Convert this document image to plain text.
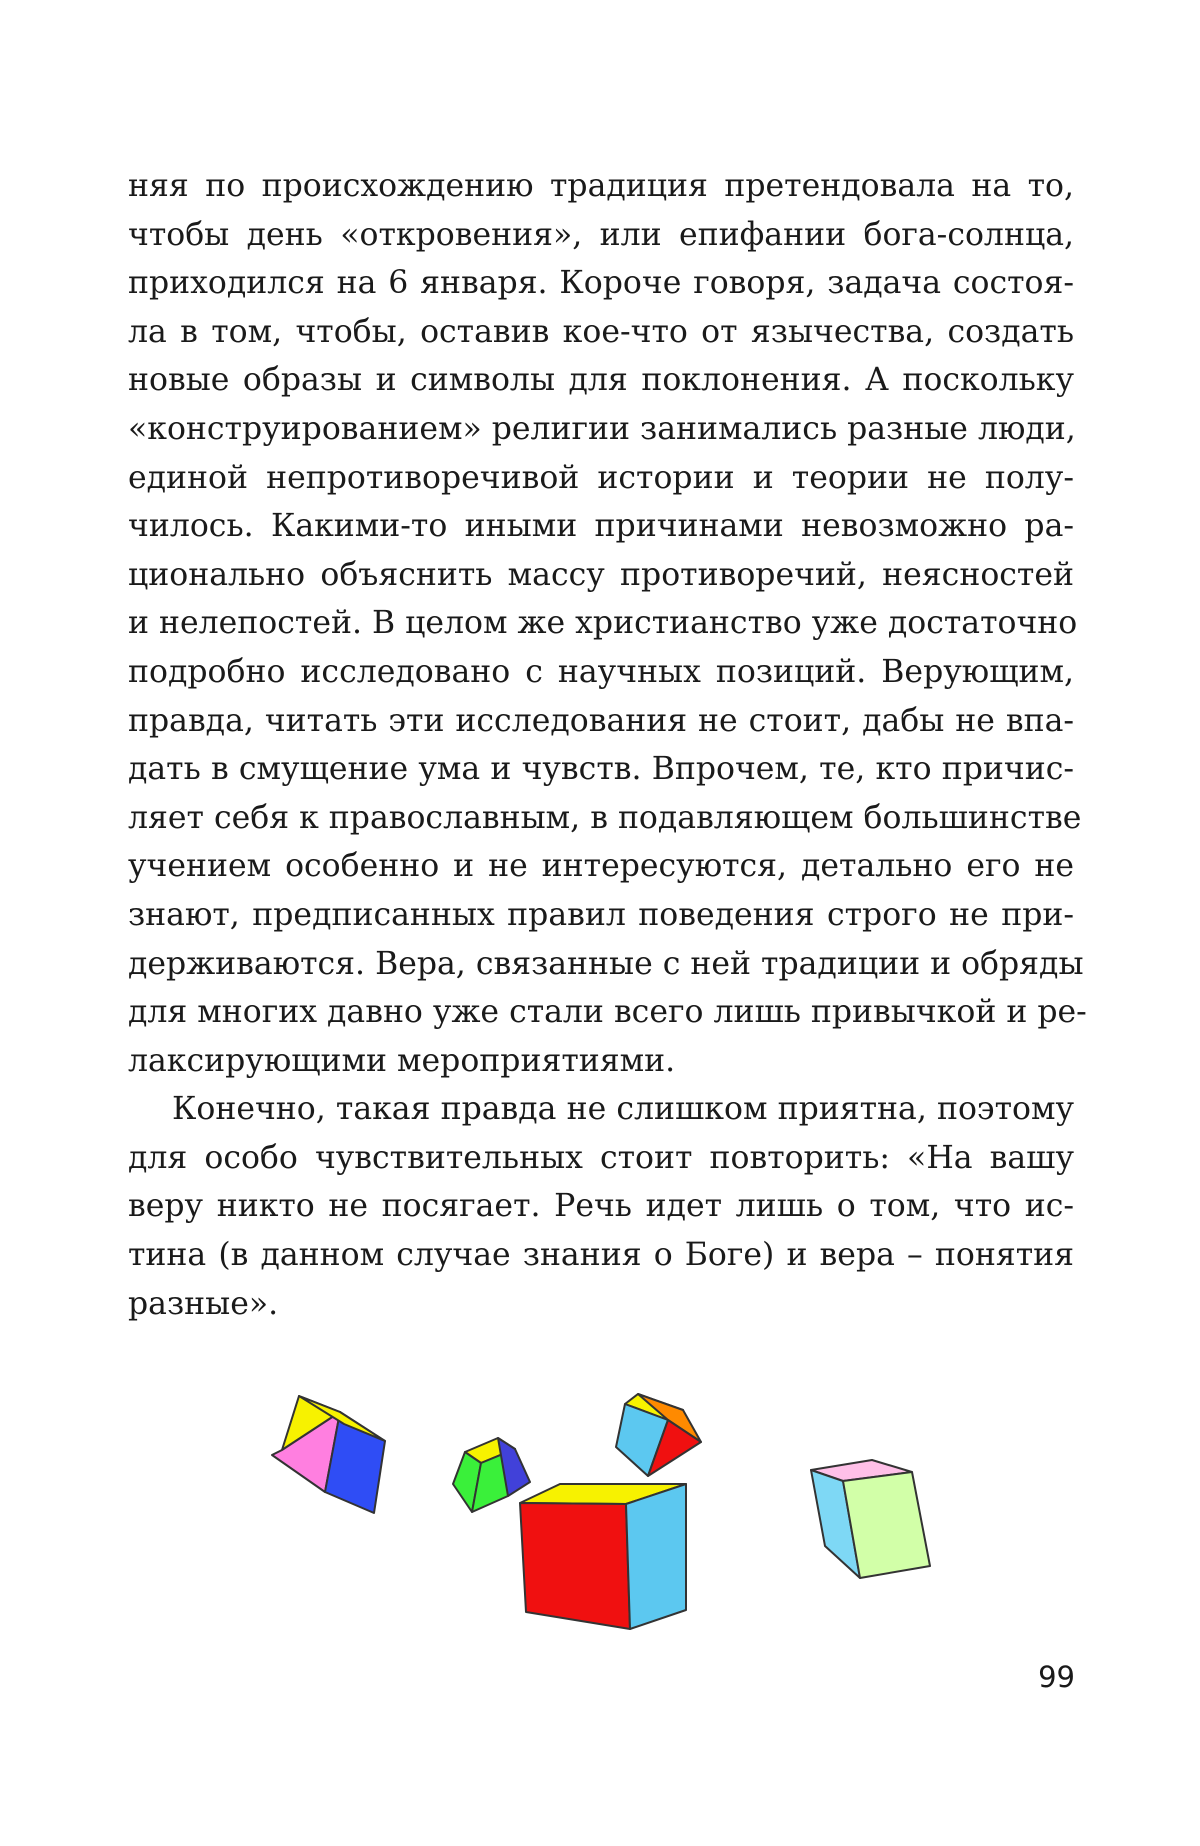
няя по происхождению традиция претендовала на то,
чтобы день «откровения», или епифании бога-солнца,
приходился на 6 января. Короче говоря, задача состоя-
ла в том, чтобы, оставив кое-что от язычества, создать
новые образы и символы для поклонения. А поскольку
«конструированием» религии занимались разные люди,
единой непротиворечивой истории и теории не полу-
чилось. Какими-то иными причинами невозможно ра-
ционально объяснить массу противоречий, неясностей
и нелепостей. В целом же христианство уже достаточно
подробно исследовано с научных позиций. Верующим,
правда, читать эти исследования не стоит, дабы не впа-
дать в смущение ума и чувств. Впрочем, те, кто причис-
ляет себя к православным, в подавляющем большинстве
учением особенно и не интересуются, детально его не
знают, предписанных правил поведения строго не при-
держиваются. Вера, связанные с ней традиции и обряды
для многих давно уже стали всего лишь привычкой и ре-
лаксирующими мероприятиями.
Конечно, такая правда не слишком приятна, поэтому
для особо чувствительных стоит повторить: «На вашу
веру никто не посягает. Речь идет лишь о том, что ис-
тина (в данном случае знания о Боге) и вера – понятия
разные».
99
